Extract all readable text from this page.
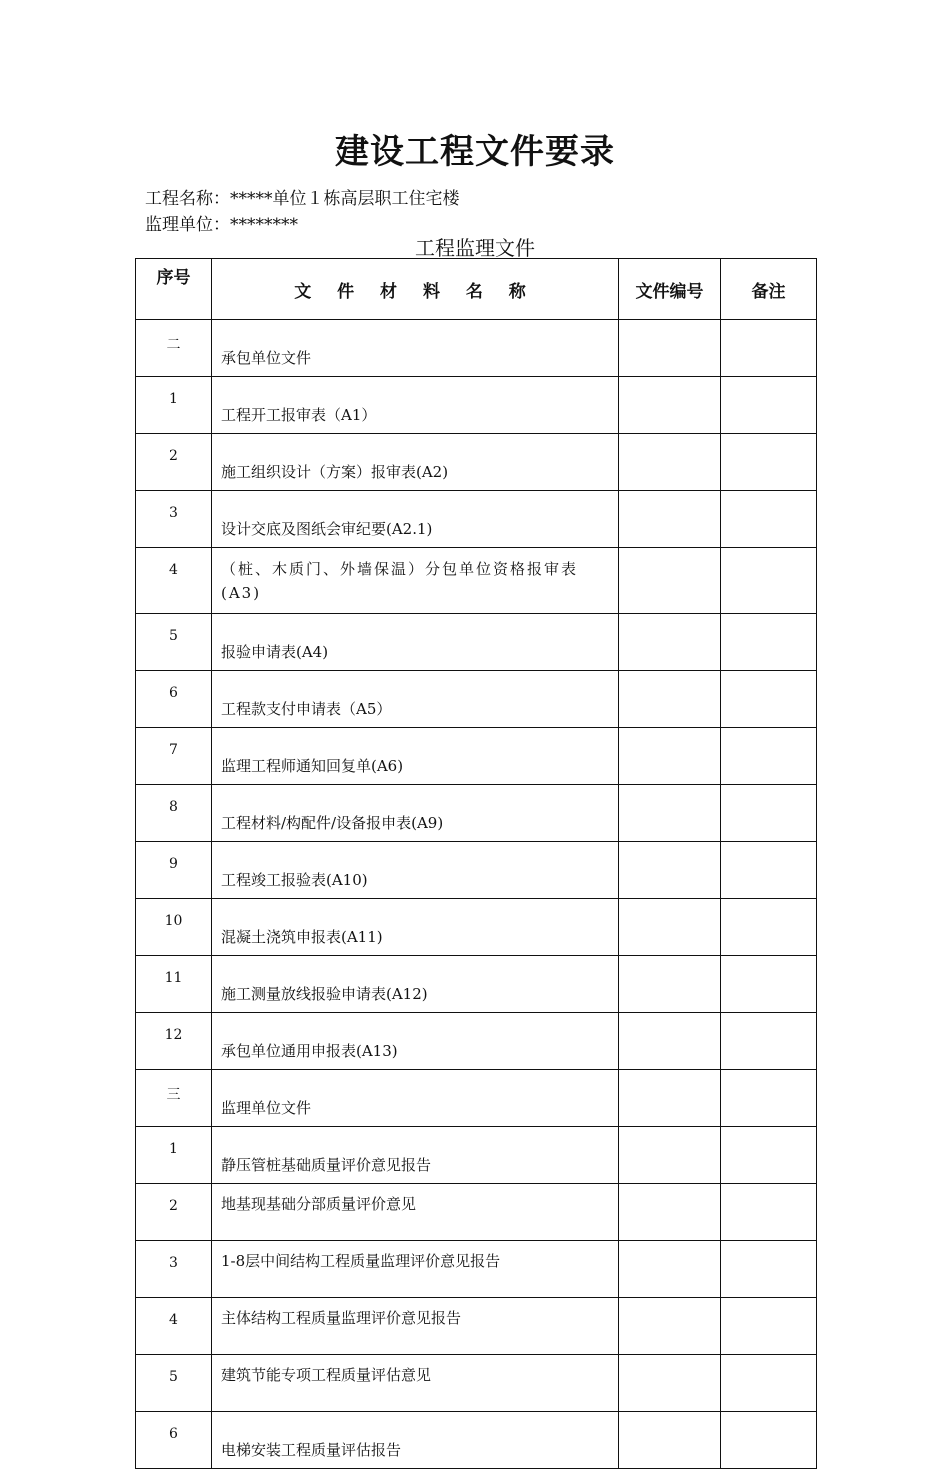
建设工程文件要录
工程名称：*****单位１栋高层职工住宅楼
监理单位：********
工程监理文件
序号	文 件 材 料 名 称	文件编号	备注
二	承包单位文件		
1	工程开工报审表（A1）		
2	施工组织设计（方案）报审表(A2)		
3	设计交底及图纸会审纪要(A2.1)		
4	（桩、木质门、外墙保温）分包单位资格报审表(A3)		
5	报验申请表(A4)		
6	工程款支付申请表（A5）		
7	监理工程师通知回复单(A6)		
8	工程材料/构配件/设备报申表(A9)		
9	工程竣工报验表(A10)		
10	混凝土浇筑申报表(A11)		
11	施工测量放线报验申请表(A12)		
12	承包单位通用申报表(A13)		
三	监理单位文件		
1	静压管桩基础质量评价意见报告		
2	地基现基础分部质量评价意见		
3	1-8层中间结构工程质量监理评价意见报告		
4	主体结构工程质量监理评价意见报告		
5	建筑节能专项工程质量评估意见		
6	电梯安装工程质量评估报告		
